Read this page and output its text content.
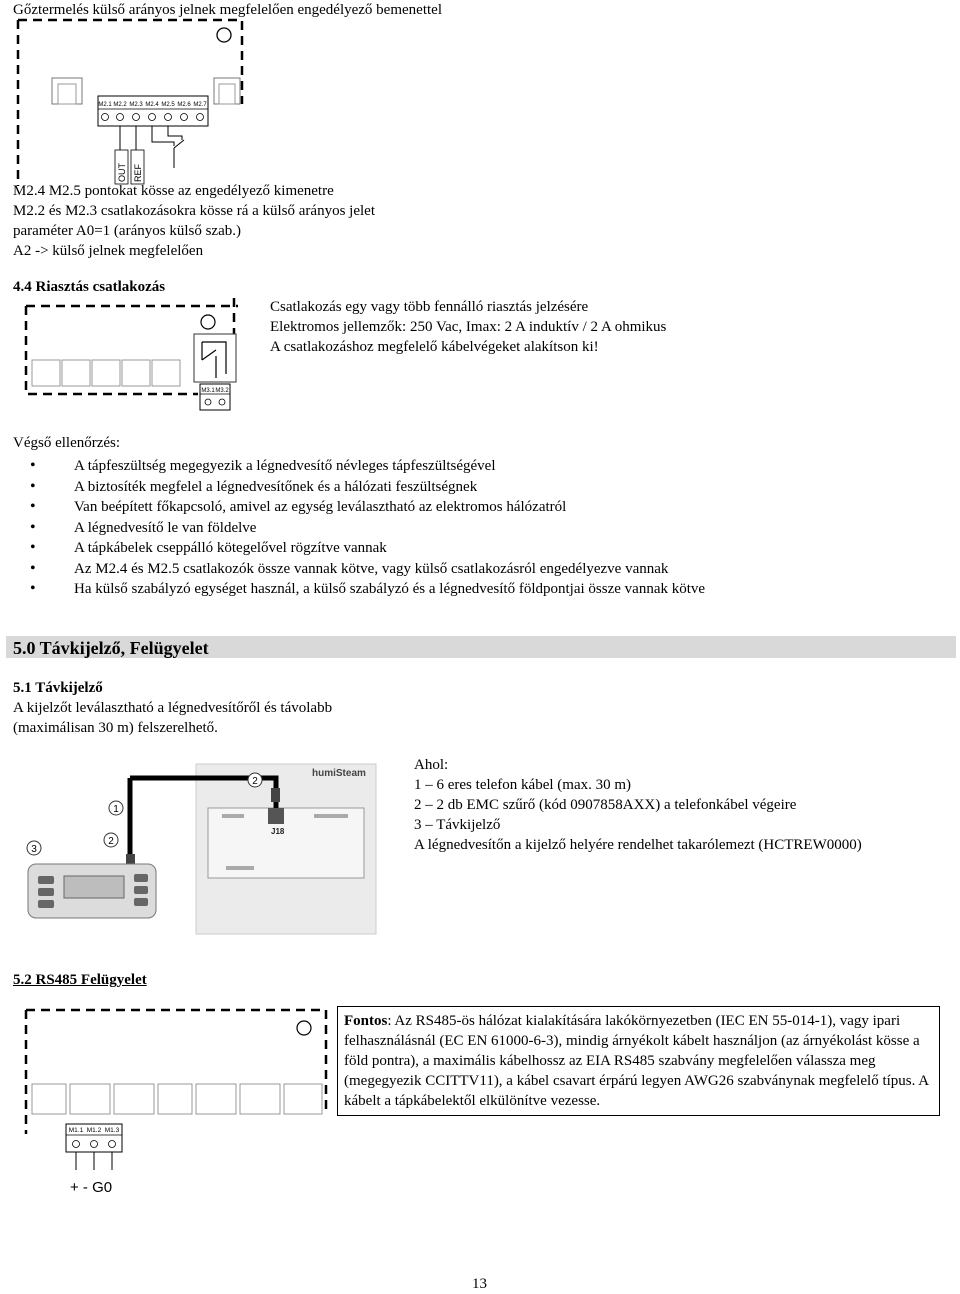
Gőztermelés külső arányos jelnek megfelelően engedélyező bemenettel
M2.1 M2.2 M2.3 M2.4 M2.5 M2.6 M2.7
OUT REF
M2.4 M2.5 pontokat kösse az engedélyező kimenetre
M2.2 és M2.3 csatlakozásokra kösse rá a külső arányos jelet
paraméter A0=1 (arányos külső szab.)
A2 -> külső jelnek megfelelően
4.4 Riasztás csatlakozás
M3.1 M3.2
Csatlakozás egy vagy több fennálló riasztás jelzésére
Elektromos jellemzők: 250 Vac, Imax: 2 A induktív / 2 A ohmikus
A csatlakozáshoz megfelelő kábelvégeket alakítson ki!
Végső ellenőrzés:
• A tápfeszültség megegyezik a légnedvesítő névleges tápfeszültségével
• A biztosíték megfelel a légnedvesítőnek és a hálózati feszültségnek
• Van beépített főkapcsoló, amivel az egység leválasztható az elektromos hálózatról
• A légnedvesítő le van földelve
• A tápkábelek cseppálló kötegelővel rögzítve vannak
• Az M2.4 és M2.5 csatlakozók össze vannak kötve, vagy külső csatlakozásról engedélyezve vannak
• Ha külső szabályzó egységet használ, a külső szabályzó és a légnedvesítő földpontjai össze vannak kötve
5.0 Távkijelző, Felügyelet
5.1 Távkijelző
A kijelzőt leválasztható a légnedvesítőről és távolabb
(maximálisan 30 m) felszerelhető.
humiSteam
J18
2
1
2
3
Ahol:
1 – 6 eres telefon kábel (max. 30 m)
2 – 2 db EMC szűrő (kód 0907858AXX) a telefonkábel végeire
3 – Távkijelző
A légnedvesítőn a kijelző helyére rendelhet takarólemezt (HCTREW0000)
5.2 RS485 Felügyelet
M1.1 M1.2 M1.3
+ - G0
Fontos: Az RS485-ös hálózat kialakítására lakókörnyezetben (IEC EN 55-014-1), vagy ipari felhasználásnál (EC EN 61000-6-3), mindig árnyékolt kábelt használjon (az árnyékolást kösse a föld pontra), a maximális kábelhossz az EIA RS485 szabvány megfelelően válassza meg (megegyezik CCITTV11), a kábel csavart érpárú legyen AWG26 szabványnak megfelelő típus. A kábelt a tápkábelektől elkülönítve vezesse.
13
